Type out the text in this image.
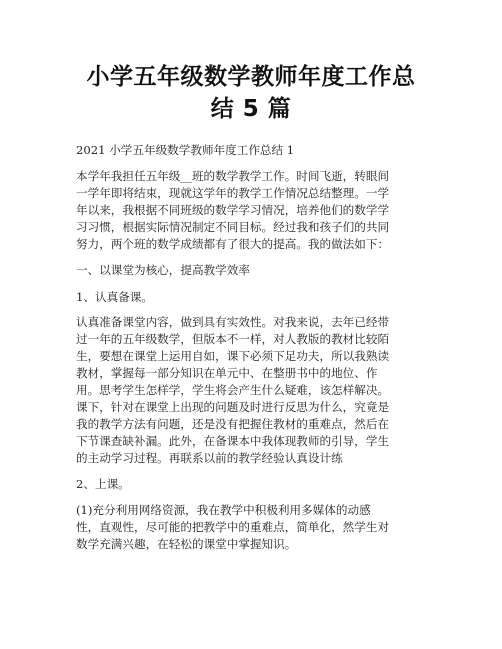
小学五年级数学教师年度工作总
结 5 篇

2021 小学五年级数学教师年度工作总结 1

本学年我担任五年级__班的数学教学工作。时间飞逝，转眼间

一学年即将结束，现就这学年的教学工作情况总结整理。一学

年以来，我根据不同班级的数学学习情况，培养他们的数学学

习习惯，根据实际情况制定不同目标。经过我和孩子们的共同

努力，两个班的数学成绩都有了很大的提高。我的做法如下：

一、以课堂为核心，提高教学效率

1、认真备课。

认真准备课堂内容，做到具有实效性。对我来说，去年已经带

过一年的五年级数学，但版本不一样，对人教版的教材比较陌

生，要想在课堂上运用自如，课下必须下足功夫，所以我熟读

教材，掌握每一部分知识在单元中、在整册书中的地位、作

用。思考学生怎样学，学生将会产生什么疑难，该怎样解决。

课下，针对在课堂上出现的问题及时进行反思为什么，究竟是

我的教学方法有问题，还是没有把握住教材的重难点，然后在

下节课查缺补漏。此外，在备课本中我体现教师的引导，学生

的主动学习过程。再联系以前的教学经验认真设计练

2、上课。

(1)充分利用网络资源，我在教学中积极利用多媒体的动感

性，直观性，尽可能的把教学中的重难点，简单化，然学生对

数学充满兴趣，在轻松的课堂中掌握知识。
